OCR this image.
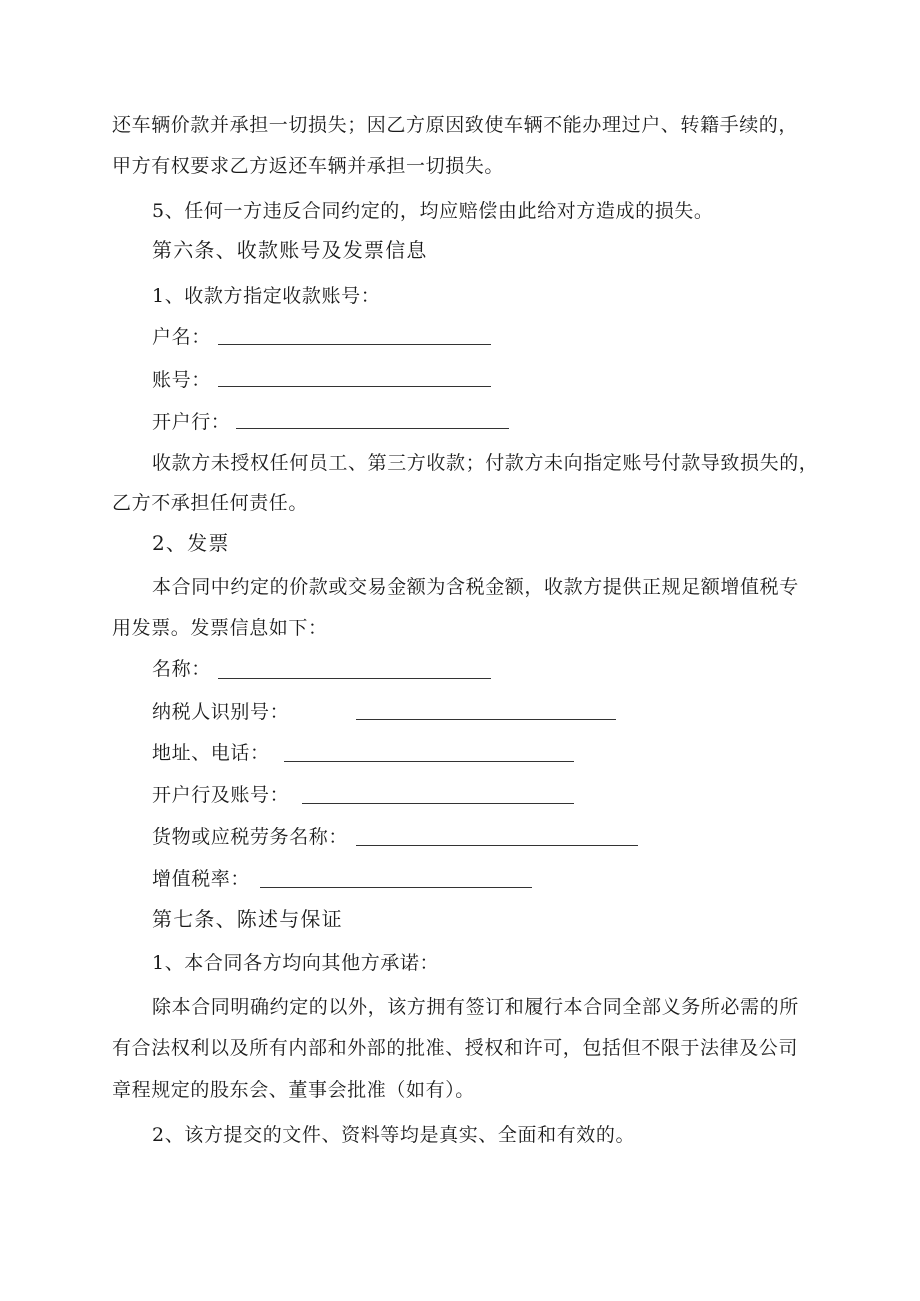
还车辆价款并承担一切损失；因乙方原因致使车辆不能办理过户、转籍手续的，
甲方有权要求乙方返还车辆并承担一切损失。
5、任何一方违反合同约定的，均应赔偿由此给对方造成的损失。
第六条、收款账号及发票信息
1、收款方指定收款账号：
户名：
账号：
开户行：
收款方未授权任何员工、第三方收款；付款方未向指定账号付款导致损失的，
乙方不承担任何责任。
2、发票
本合同中约定的价款或交易金额为含税金额，收款方提供正规足额增值税专
用发票。发票信息如下：
名称：
纳税人识别号：
地址、电话：
开户行及账号：
货物或应税劳务名称：
增值税率：
第七条、陈述与保证
1、本合同各方均向其他方承诺：
除本合同明确约定的以外，该方拥有签订和履行本合同全部义务所必需的所
有合法权利以及所有内部和外部的批准、授权和许可，包括但不限于法律及公司
章程规定的股东会、董事会批准（如有）。
2、该方提交的文件、资料等均是真实、全面和有效的。
